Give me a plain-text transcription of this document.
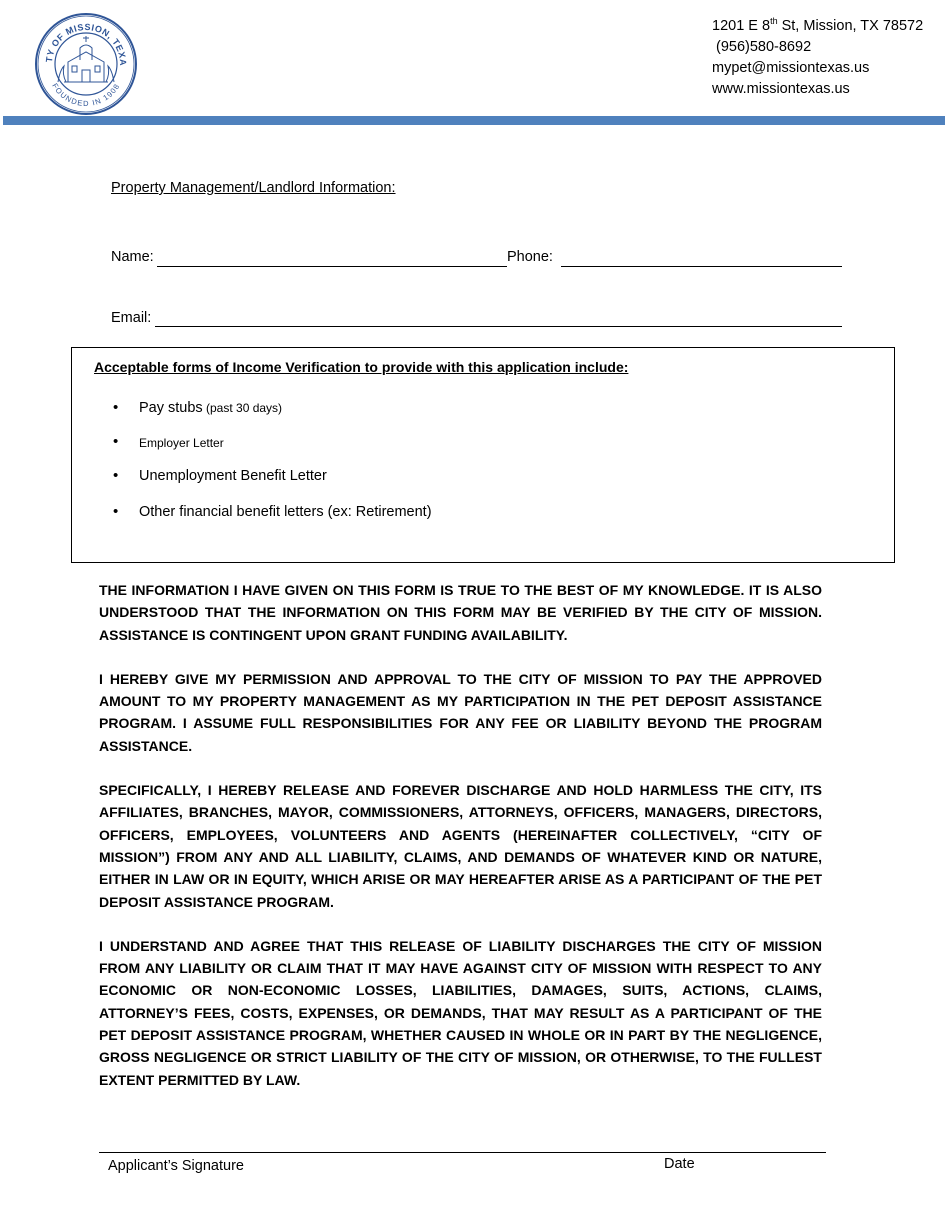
TY OF MISSION, TEXA
FOUNDED IN 1908
1201 E 8th St, Mission, TX 78572
(956)580-8692
mypet@missiontexas.us
www.missiontexas.us
Property Management/Landlord Information:
Name:	Phone:
Email:
Acceptable forms of Income Verification to provide with this application include:
• Pay stubs (past 30 days)
• Employer Letter
• Unemployment Benefit Letter
• Other financial benefit letters (ex: Retirement)

THE INFORMATION I HAVE GIVEN ON THIS FORM IS TRUE TO THE BEST OF MY KNOWLEDGE. IT IS ALSO UNDERSTOOD THAT THE INFORMATION ON THIS FORM MAY BE VERIFIED BY THE CITY OF MISSION. ASSISTANCE IS CONTINGENT UPON GRANT FUNDING AVAILABILITY.

I HEREBY GIVE MY PERMISSION AND APPROVAL TO THE CITY OF MISSION TO PAY THE APPROVED AMOUNT TO MY PROPERTY MANAGEMENT AS MY PARTICIPATION IN THE PET DEPOSIT ASSISTANCE PROGRAM. I ASSUME FULL RESPONSIBILITIES FOR ANY FEE OR LIABILITY BEYOND THE PROGRAM ASSISTANCE.

SPECIFICALLY, I HEREBY RELEASE AND FOREVER DISCHARGE AND HOLD HARMLESS THE CITY, ITS AFFILIATES, BRANCHES, MAYOR, COMMISSIONERS, ATTORNEYS, OFFICERS, MANAGERS, DIRECTORS, OFFICERS, EMPLOYEES, VOLUNTEERS AND AGENTS (HEREINAFTER COLLECTIVELY, “CITY OF MISSION”) FROM ANY AND ALL LIABILITY, CLAIMS, AND DEMANDS OF WHATEVER KIND OR NATURE, EITHER IN LAW OR IN EQUITY, WHICH ARISE OR MAY HEREAFTER ARISE AS A PARTICIPANT OF THE PET DEPOSIT ASSISTANCE PROGRAM.

I UNDERSTAND AND AGREE THAT THIS RELEASE OF LIABILITY DISCHARGES THE CITY OF MISSION FROM ANY LIABILITY OR CLAIM THAT IT MAY HAVE AGAINST CITY OF MISSION WITH RESPECT TO ANY ECONOMIC OR NON-ECONOMIC LOSSES, LIABILITIES, DAMAGES, SUITS, ACTIONS, CLAIMS, ATTORNEY’S FEES, COSTS, EXPENSES, OR DEMANDS, THAT MAY RESULT AS A PARTICIPANT OF THE PET DEPOSIT ASSISTANCE PROGRAM, WHETHER CAUSED IN WHOLE OR IN PART BY THE NEGLIGENCE, GROSS NEGLIGENCE OR STRICT LIABILITY OF THE CITY OF MISSION, OR OTHERWISE, TO THE FULLEST EXTENT PERMITTED BY LAW.

Applicant’s Signature	Date
